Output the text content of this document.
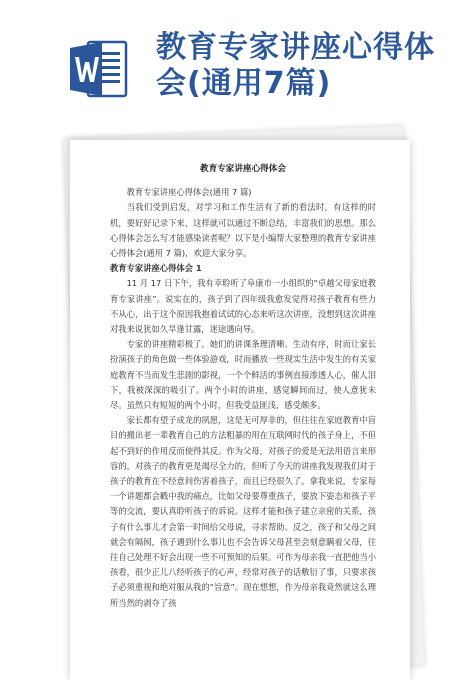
教育专家讲座心得体会(通用7篇)
教育专家讲座心得体会

教育专家讲座心得体会(通用 7 篇)

当我们受到启发，对学习和工作生活有了新的看法时，有这样的时机，要好好记录下来，这样就可以通过不断总结，丰富我们的思想。那么心得体会怎么写才能感染读者呢？以下是小编帮大家整理的教育专家讲座心得体会(通用 7 篇)，欢迎大家分享。

教育专家讲座心得体会 1

11 月 17 日下午，我有幸聆听了阜康市一小组织的“卓越父母家庭教育专家讲座”。说实在的，孩子到了四年级我愈发觉得对孩子教育有些力不从心，出于这个原因我抱着试试的心态来听这次讲座，没想到这次讲座对我来说犹如久旱逢甘露，迷途遇向导。

专家的讲座精彩极了。她们的讲课条理清晰、生动有序，时而让家长扮演孩子的角色做一些体验游戏，时而播放一些现实生活中发生的有关家庭教育不当而发生悲剧的影视，一个个鲜活的事例直接渗透人心，催人泪下，我被深深的吸引了。两个小时的讲座，感觉瞬间而过，使人意犹未尽。虽然只有短短的两个小时，但我受益匪浅，感受颇多。

家长都有望子成龙的夙愿，这是无可厚非的，但往往在家庭教育中盲目的搬出老一辈教育自己的方法粗暴的用在互联网时代的孩子身上，不但起不到好的作用反而使得其反。作为父母，对孩子的爱是无法用语言来形容的，对孩子的教育更是竭尽全力的，但听了今天的讲座我发现我们对于孩子的教育在不经意间伤害着孩子，而且已经很久了。拿我来说，专家每一个讲题都会戳中我的痛点，比如父母要尊重孩子，要放下姿态和孩子平等的交流，要认真聆听孩子的诉说。这样才能和孩子建立亲密的关系，孩子有什么事儿才会第一时间给父母说，寻求帮助。反之，孩子和父母之间就会有隔阂，孩子遇到什么事儿也不会告诉父母甚至会刻意瞒着父母，往往自己处理不好会出现一些不可预知的后果。可作为母亲我一直把他当小孩看，很少正儿八经听孩子的心声，经常对孩子的话敷衍了事，只要求孩子必须重视和绝对服从我的“旨意”。现在想想，作为母亲我竟然就这么理所当然的剥夺了孩
